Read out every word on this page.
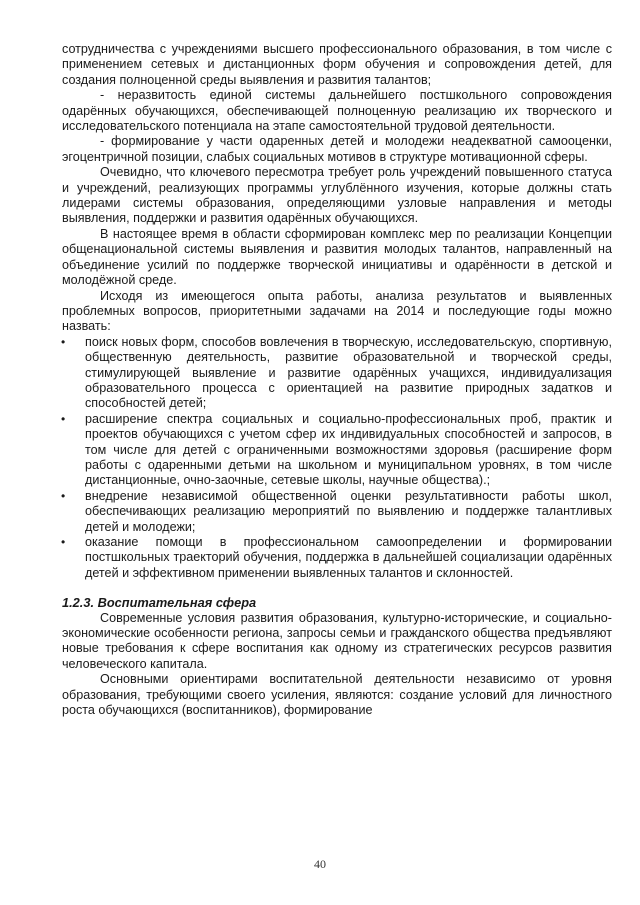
сотрудничества с учреждениями высшего профессионального образования, в том числе с применением сетевых и дистанционных форм обучения и сопровождения детей, для создания полноценной среды выявления и развития талантов;

- неразвитость единой системы дальнейшего постшкольного сопровождения одарённых обучающихся, обеспечивающей полноценную реализацию их творческого и исследовательского потенциала на этапе самостоятельной трудовой деятельности.

- формирование у части одаренных детей и молодежи неадекватной самооценки, эгоцентричной позиции, слабых социальных мотивов в структуре мотивационной сферы.

Очевидно, что ключевого пересмотра требует роль учреждений повышенного статуса и учреждений, реализующих программы углублённого изучения, которые должны стать лидерами системы образования, определяющими узловые направления и методы выявления, поддержки и развития одарённых обучающихся.

В настоящее время в области сформирован комплекс мер по реализации Концепции общенациональной системы выявления и развития молодых талантов, направленный на объединение усилий по поддержке творческой инициативы и одарённости в детской и молодёжной среде.

Исходя из имеющегося опыта работы, анализа результатов и выявленных проблемных вопросов, приоритетными задачами на 2014 и последующие годы можно назвать:

• поиск новых форм, способов вовлечения в творческую, исследовательскую, спортивную, общественную деятельность, развитие образовательной и творческой среды, стимулирующей выявление и развитие одарённых учащихся, индивидуализация образовательного процесса с ориентацией на развитие природных задатков и способностей детей;
• расширение спектра социальных и социально-профессиональных проб, практик и проектов обучающихся с учетом сфер их индивидуальных способностей и запросов, в том числе для детей с ограниченными возможностями здоровья (расширение форм работы с одаренными детьми на школьном и муниципальном уровнях, в том числе дистанционные, очно-заочные, сетевые школы, научные общества).;
• внедрение независимой общественной оценки результативности работы школ, обеспечивающих реализацию мероприятий по выявлению и поддержке талантливых детей и молодежи;
• оказание помощи в профессиональном самоопределении и формировании постшкольных траекторий обучения, поддержка в дальнейшей социализации одарённых детей и эффективном применении выявленных талантов и склонностей.
1.2.3. Воспитательная сфера

Современные условия развития образования, культурно-исторические, и социально-экономические особенности региона, запросы семьи и гражданского общества предъявляют новые требования к сфере воспитания как одному из стратегических ресурсов развития человеческого капитала.

Основными ориентирами воспитательной деятельности независимо от уровня образования, требующими своего усиления, являются: создание условий для личностного роста обучающихся (воспитанников), формирование

40
